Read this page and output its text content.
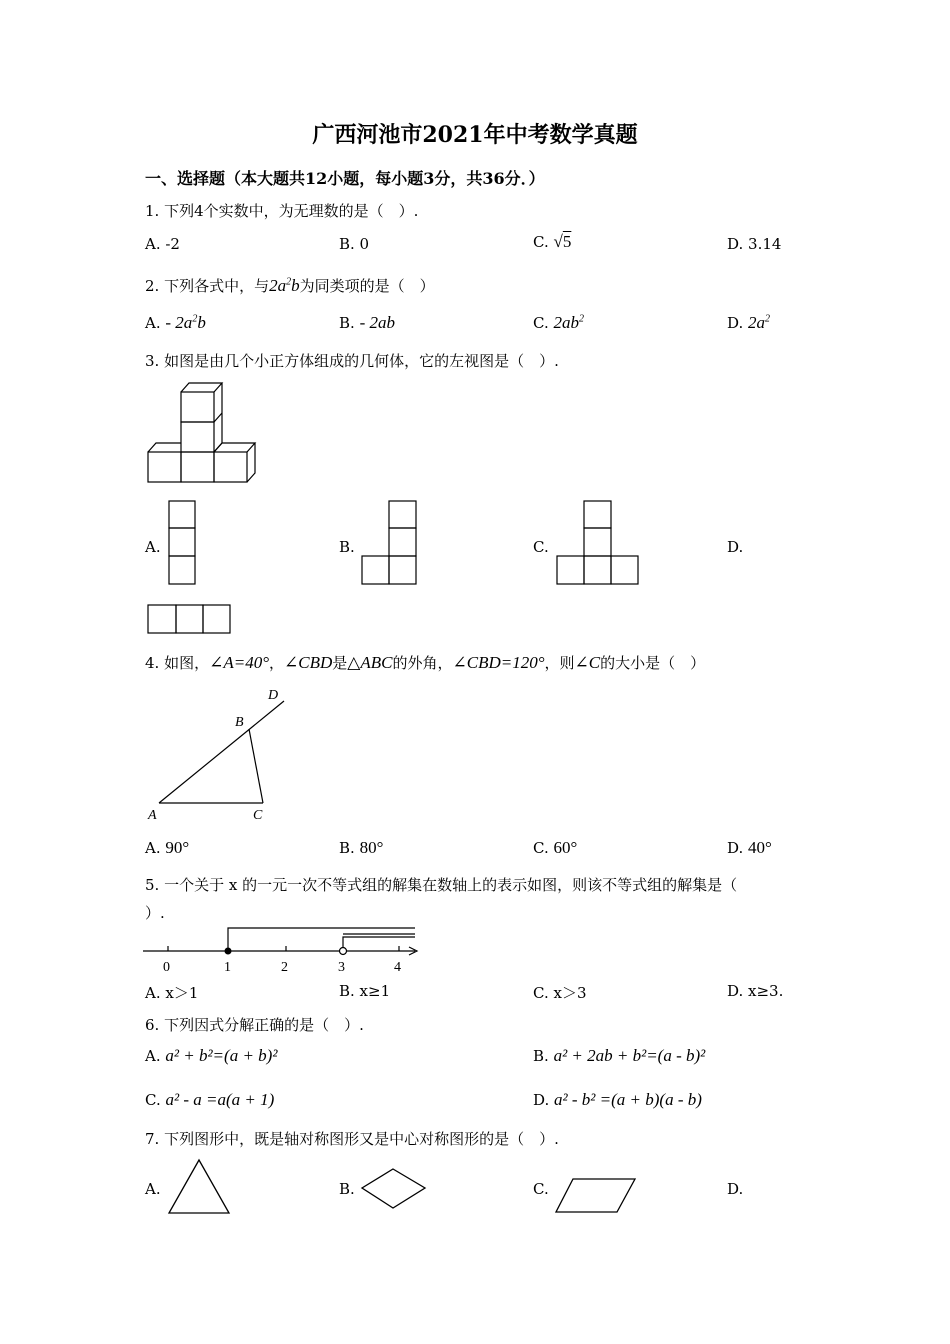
广西河池市2021年中考数学真题
一、选择题（本大题共12小题，每小题3分，共36分．）
1. 下列4个实数中，为无理数的是（　）.
A. -2	B. 0	C. √5	D. 3.14
2. 下列各式中，与$2a^2b$为同类项的是（　）
A. - $2a^2b$	B. - 2ab	C. $2ab^2$	D. $2a^2$
3. 如图是由几个小正方体组成的几何体，它的左视图是（　）.
A.	B.	C.	D.
4. 如图，∠A=40°，∠CBD是△ABC的外角，∠CBD=120°，则∠C的大小是（　）
A
B
C
D
A. 90°	B. 80°	C. 60°	D. 40°
5. 一个关于 x 的一元一次不等式组的解集在数轴上的表示如图，则该不等式组的解集是（
）.
0	1	2	3	4
A. x＞1	B. x≥1	C. x＞3	D. x≥3.
6. 下列因式分解正确的是（　）.
A. a² + b²=(a + b)²	B. a² + 2ab + b²=(a - b)²
C. a² - a =a(a + 1)	D. a² - b² =(a + b)(a - b)
7. 下列图形中，既是轴对称图形又是中心对称图形的是（　）.
A.	B.	C.	D.
